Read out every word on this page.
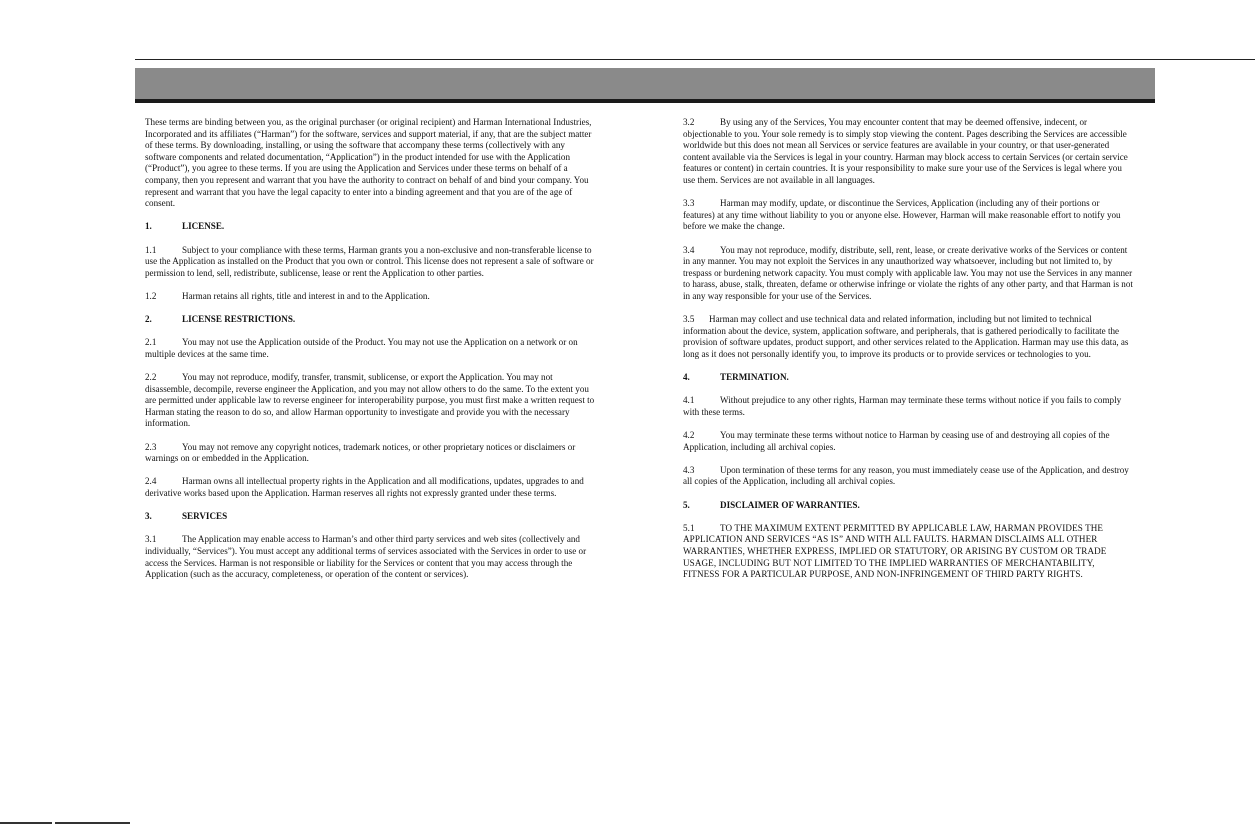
These terms are binding between you, as the original purchaser (or original recipient) and Harman International Industries, Incorporated and its affiliates (“Harman”) for the software, services and support material, if any, that are the subject matter of these terms. By downloading, installing, or using the software that accompany these terms (collectively with any software components and related documentation, “Application”) in the product intended for use with the Application (“Product”), you agree to these terms. If you are using the Application and Services under these terms on behalf of a company, then you represent and warrant that you have the authority to contract on behalf of and bind your company. You represent and warrant that you have the legal capacity to enter into a binding agreement and that you are of the age of consent.

1.	LICENSE.

1.1	Subject to your compliance with these terms, Harman grants you a non-exclusive and non-transferable license to use the Application as installed on the Product that you own or control. This license does not represent a sale of software or permission to lend, sell, redistribute, sublicense, lease or rent the Application to other parties.

1.2	Harman retains all rights, title and interest in and to the Application.

2.	LICENSE RESTRICTIONS.

2.1	You may not use the Application outside of the Product. You may not use the Application on a network or on multiple devices at the same time.

2.2	You may not reproduce, modify, transfer, transmit, sublicense, or export the Application. You may not disassemble, decompile, reverse engineer the Application, and you may not allow others to do the same. To the extent you are permitted under applicable law to reverse engineer for interoperability purpose, you must first make a written request to Harman stating the reason to do so, and allow Harman opportunity to investigate and provide you with the necessary information.

2.3	You may not remove any copyright notices, trademark notices, or other proprietary notices or disclaimers or warnings on or embedded in the Application.

2.4	Harman owns all intellectual property rights in the Application and all modifications, updates, upgrades to and derivative works based upon the Application. Harman reserves all rights not expressly granted under these terms.

3.	SERVICES

3.1	The Application may enable access to Harman’s and other third party services and web sites (collectively and individually, “Services”). You must accept any additional terms of services associated with the Services in order to use or access the Services. Harman is not responsible or liability for the Services or content that you may access through the Application (such as the accuracy, completeness, or operation of the content or services).

3.2	By using any of the Services, You may encounter content that may be deemed offensive, indecent, or objectionable to you. Your sole remedy is to simply stop viewing the content. Pages describing the Services are accessible worldwide but this does not mean all Services or service features are available in your country, or that user-generated content available via the Services is legal in your country. Harman may block access to certain Services (or certain service features or content) in certain countries. It is your responsibility to make sure your use of the Services is legal where you use them. Services are not available in all languages.

3.3	Harman may modify, update, or discontinue the Services, Application (including any of their portions or features) at any time without liability to you or anyone else. However, Harman will make reasonable effort to notify you before we make the change.

3.4	You may not reproduce, modify, distribute, sell, rent, lease, or create derivative works of the Services or content in any manner. You may not exploit the Services in any unauthorized way whatsoever, including but not limited to, by trespass or burdening network capacity. You must comply with applicable law. You may not use the Services in any manner to harass, abuse, stalk, threaten, defame or otherwise infringe or violate the rights of any other party, and that Harman is not in any way responsible for your use of the Services.

3.5 Harman may collect and use technical data and related information, including but not limited to technical information about the device, system, application software, and peripherals, that is gathered periodically to facilitate the provision of software updates, product support, and other services related to the Application. Harman may use this data, as long as it does not personally identify you, to improve its products or to provide services or technologies to you.

4.	TERMINATION.

4.1	Without prejudice to any other rights, Harman may terminate these terms without notice if you fails to comply with these terms.

4.2	You may terminate these terms without notice to Harman by ceasing use of and destroying all copies of the Application, including all archival copies.

4.3	Upon termination of these terms for any reason, you must immediately cease use of the Application, and destroy all copies of the Application, including all archival copies.

5.	DISCLAIMER OF WARRANTIES.

5.1	TO THE MAXIMUM EXTENT PERMITTED BY APPLICABLE LAW, HARMAN PROVIDES THE APPLICATION AND SERVICES “AS IS” AND WITH ALL FAULTS. HARMAN DISCLAIMS ALL OTHER WARRANTIES, WHETHER EXPRESS, IMPLIED OR STATUTORY, OR ARISING BY CUSTOM OR TRADE USAGE, INCLUDING BUT NOT LIMITED TO THE IMPLIED WARRANTIES OF MERCHANTABILITY, FITNESS FOR A PARTICULAR PURPOSE, AND NON-INFRINGEMENT OF THIRD PARTY RIGHTS.
